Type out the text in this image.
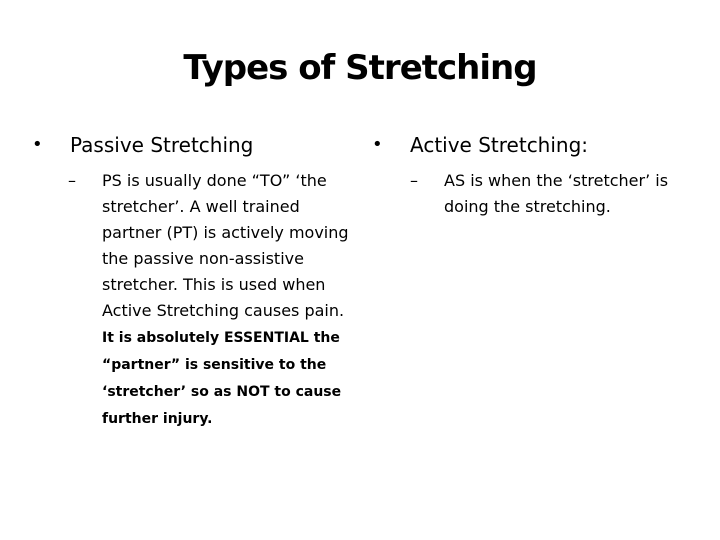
Types of Stretching
•	Passive Stretching
–	PS is usually done “TO” ‘the stretcher’. A well trained partner (PT) is actively moving the passive non-assistive stretcher. This is used when Active Stretching causes pain. It is absolutely ESSENTIAL the “partner” is sensitive to the ‘stretcher’ so as NOT to cause further injury.
•	Active Stretching:
–	AS is when the ‘stretcher’ is doing the stretching.
